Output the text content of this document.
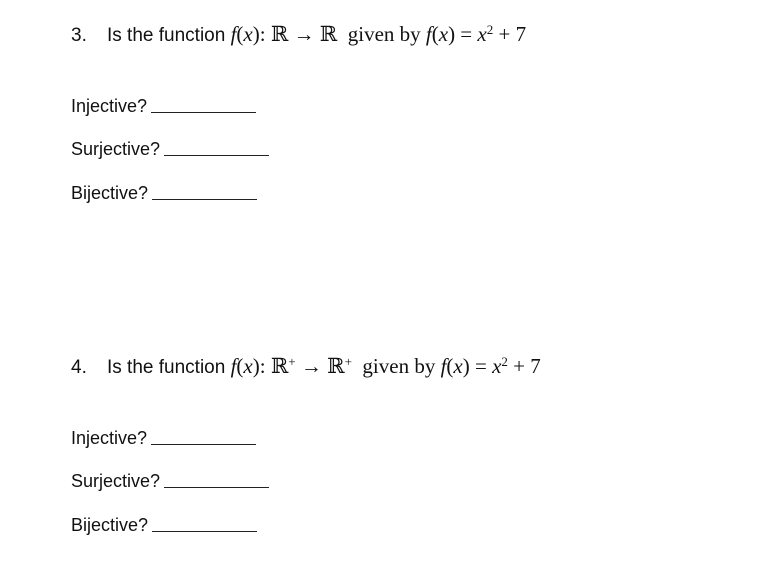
3. Is the function f(x): ℝ → ℝ given by $f(x) = x^2 + 7$
Injective?
Surjective?
Bijective?
4. Is the function f(x): ℝ+ → ℝ+ given by $f(x) = x^2 + 7$
Injective?
Surjective?
Bijective?
